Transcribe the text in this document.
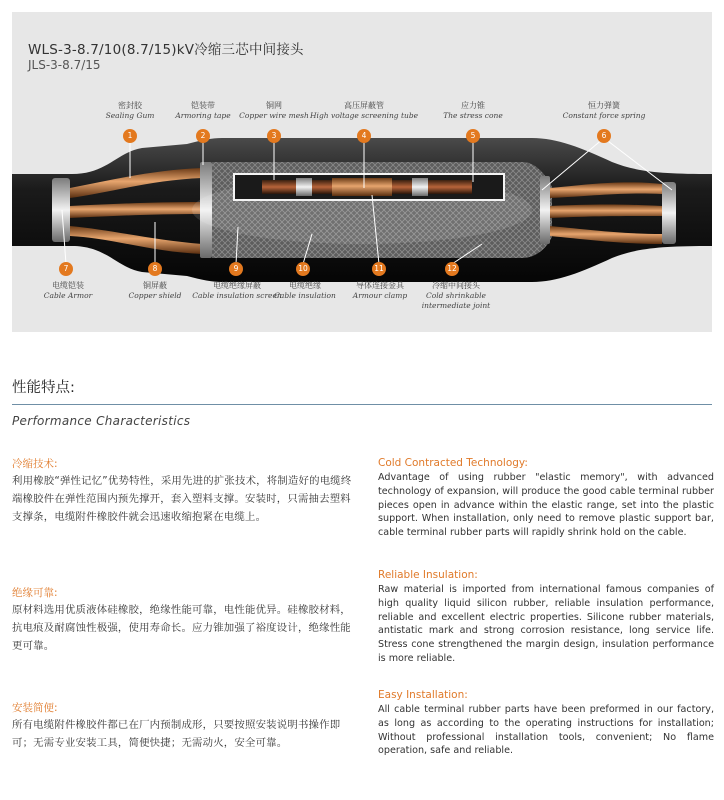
WLS-3-8.7/10(8.7/15)kV冷缩三芯中间接头
JLS-3-8.7/15
密封胶
Sealing Gum
1
铠装带
Armoring tape
2
铜网
Copper wire mesh
3
高压屏蔽管
High voltage screening tube
4
应力锥
The stress cone
5
恒力弹簧
Constant force spring
6
7	8	9	10	11	12
电缆铠装
Cable Armor
铜屏蔽
Copper shield
电缆绝缘屏蔽
Cable insulation screen
电缆绝缘
Cable insulation
导体连接金具
Armour clamp
冷缩中间接头
Cold shrinkable
intermediate joint
性能特点:
Performance Characteristics
冷缩技术:
利用橡胶“弹性记忆”优势特性，采用先进的扩张技术，将制造好的电缆终端橡胶件在弹性范围内预先撑开，套入塑料支撑。安装时，只需抽去塑料支撑条，电缆附件橡胶件就会迅速收缩抱紧在电缆上。
Cold Contracted Technology:
Advantage of using rubber "elastic memory", with advanced technology of expansion, will produce the good cable terminal rubber pieces open in advance within the elastic range, set into the plastic support. When installation, only need to remove plastic support bar, cable terminal rubber parts will rapidly shrink hold on the cable.
绝缘可靠:
原材料选用优质液体硅橡胶，绝缘性能可靠，电性能优异。硅橡胶材料，抗电痕及耐腐蚀性极强，使用寿命长。应力锥加强了裕度设计，绝缘性能更可靠。
Reliable Insulation:
Raw material is imported from international famous companies of high quality liquid silicon rubber, reliable insulation performance, reliable and excellent electric properties. Silicone rubber materials, antistatic mark and strong corrosion resistance, long service life. Stress cone strengthened the margin design, insulation performance is more reliable.
安装简便:
所有电缆附件橡胶件都已在厂内预制成形，只要按照安装说明书操作即可；无需专业安装工具，简便快捷；无需动火，安全可靠。
Easy Installation:
All cable terminal rubber parts have been preformed in our factory, as long as according to the operating instructions for installation; Without professional installation tools, convenient; No flame operation, safe and reliable.
